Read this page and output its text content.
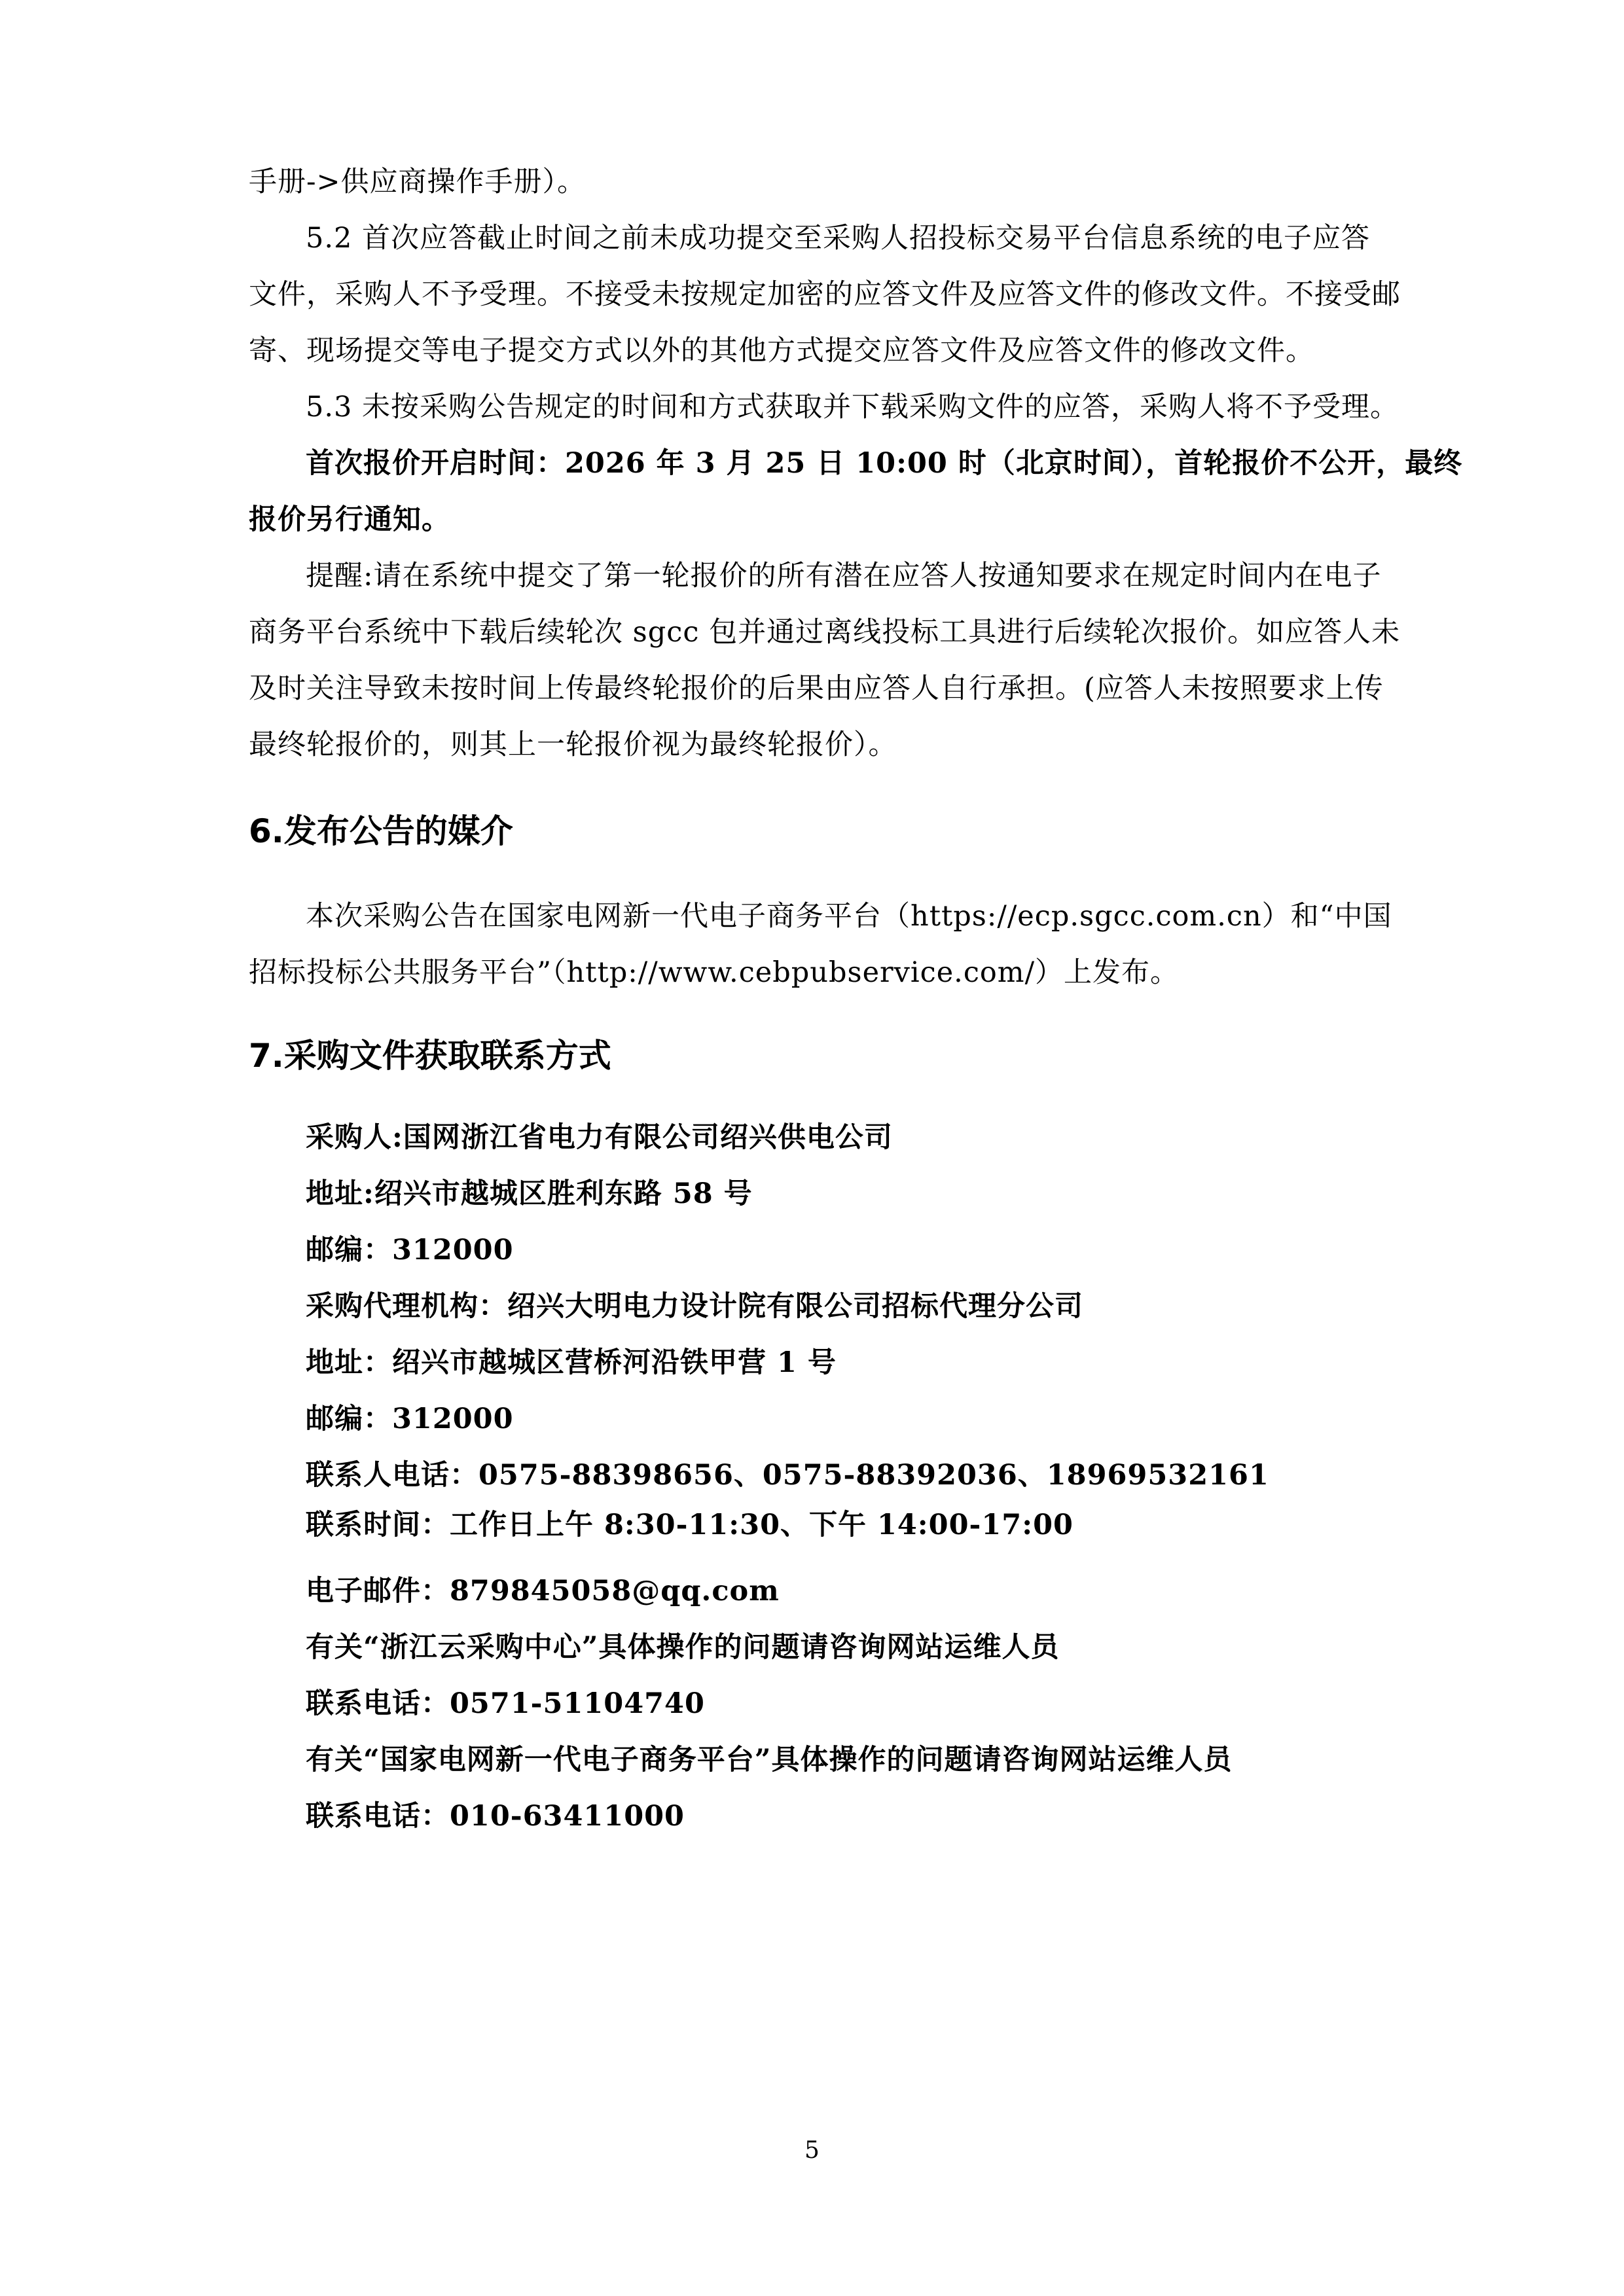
手册->供应商操作手册）。
5.2 首次应答截止时间之前未成功提交至采购人招投标交易平台信息系统的电子应答
文件，采购人不予受理。不接受未按规定加密的应答文件及应答文件的修改文件。不接受邮
寄、现场提交等电子提交方式以外的其他方式提交应答文件及应答文件的修改文件。
5.3 未按采购公告规定的时间和方式获取并下载采购文件的应答，采购人将不予受理。
首次报价开启时间：2026 年 3 月 25 日 10:00 时（北京时间），首轮报价不公开，最终
报价另行通知。
提醒:请在系统中提交了第一轮报价的所有潜在应答人按通知要求在规定时间内在电子
商务平台系统中下载后续轮次 sgcc 包并通过离线投标工具进行后续轮次报价。如应答人未
及时关注导致未按时间上传最终轮报价的后果由应答人自行承担。(应答人未按照要求上传
最终轮报价的，则其上一轮报价视为最终轮报价）。
6.发布公告的媒介
本次采购公告在国家电网新一代电子商务平台（https://ecp.sgcc.com.cn）和“中国
招标投标公共服务平台”（http://www.cebpubservice.com/）上发布。
7.采购文件获取联系方式
采购人:国网浙江省电力有限公司绍兴供电公司
地址:绍兴市越城区胜利东路 58 号
邮编：312000
采购代理机构：绍兴大明电力设计院有限公司招标代理分公司
地址：绍兴市越城区营桥河沿铁甲营 1 号
邮编：312000
联系人电话：0575-88398656、0575-88392036、18969532161
联系时间：工作日上午 8:30-11:30、下午 14:00-17:00
电子邮件：879845058@qq.com
有关“浙江云采购中心”具体操作的问题请咨询网站运维人员
联系电话：0571-51104740
有关“国家电网新一代电子商务平台”具体操作的问题请咨询网站运维人员
联系电话：010-63411000
5
